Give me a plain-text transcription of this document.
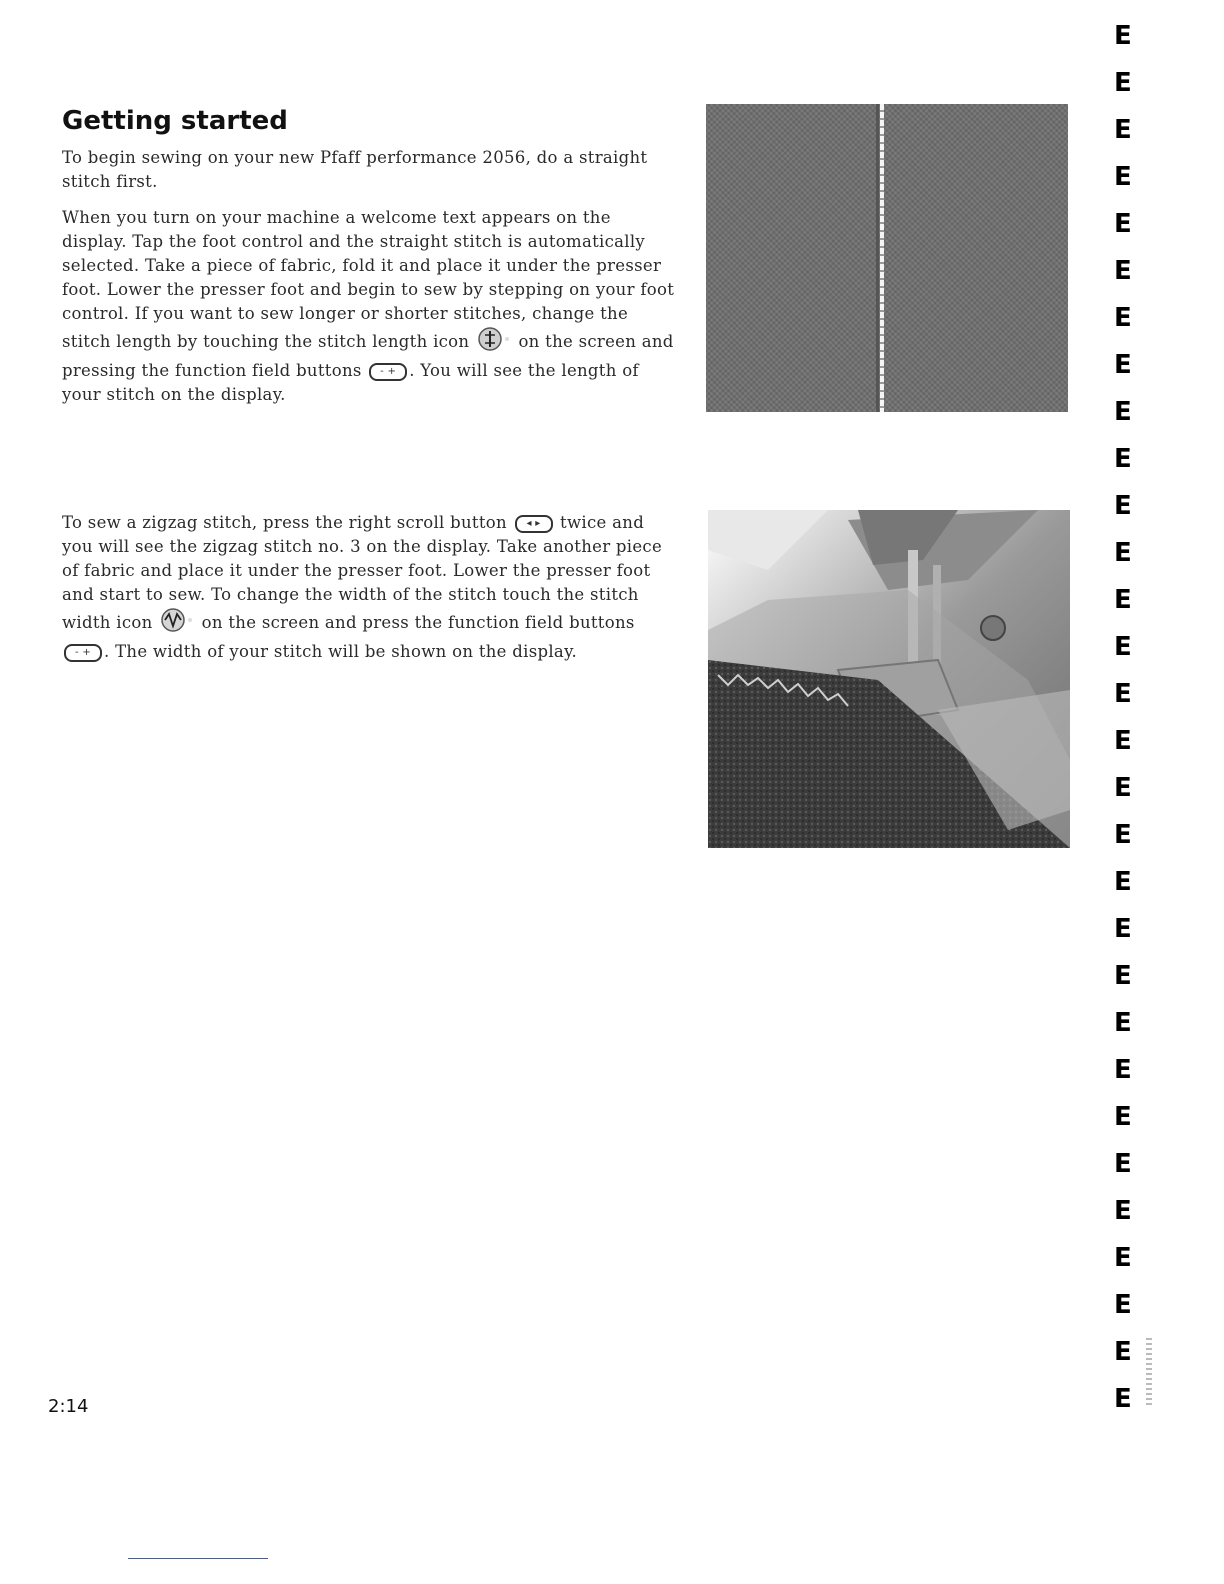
Getting started

To begin sewing on your new Pfaff performance 2056, do a straight stitch first.

When you turn on your machine a welcome text appears on the display. Tap the foot control and the straight stitch is automatically selected. Take a piece of fabric, fold it and place it under the presser foot. Lower the presser foot and begin to sew by stepping on your foot control. If you want to sew longer or shorter stitches, change the stitch length by touching the stitch length icon	on the screen and pressing the function field buttons - + . You will see the length of your stitch on the display.

To sew a zigzag stitch, press the right scroll button ◂ ▸ twice and you will see the zigzag stitch no. 3 on the display. Take another piece of fabric and place it under the presser foot. Lower the presser foot and start to sew. To change the width of the stitch touch the stitch width icon	on the screen and press the function field buttons - + . The width of your stitch will be shown on the display.

E
E
E
E
E
E
E
E
E
E
E
E
E
E
E
E
E
E
E
E
E
E
E
E
E
E
E
E
E
E

2:14
